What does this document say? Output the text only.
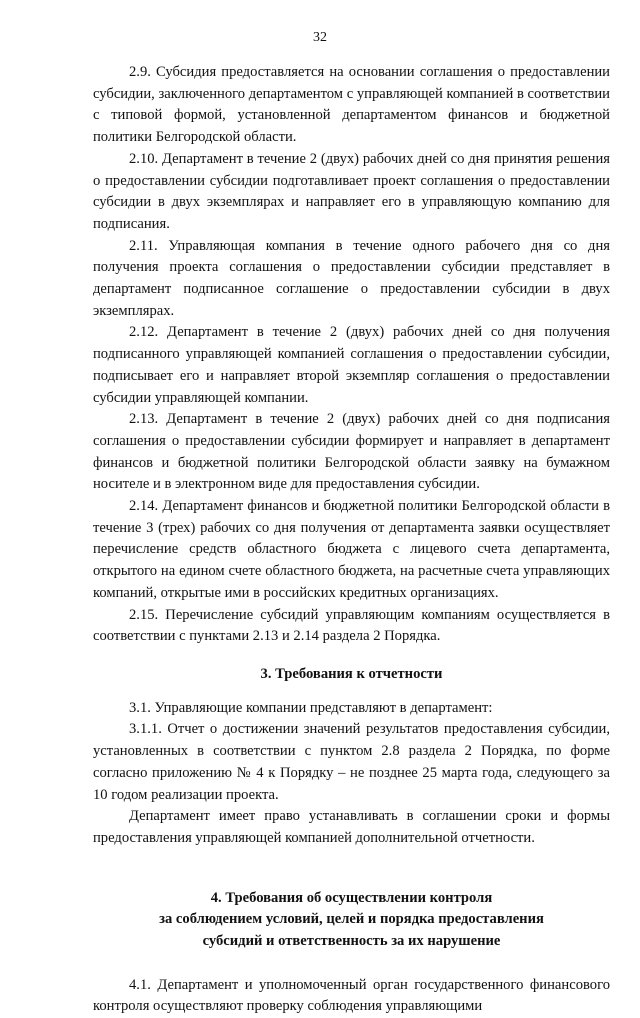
32

2.9. Субсидия предоставляется на основании соглашения о предоставлении субсидии, заключенного департаментом с управляющей компанией в соответствии с типовой формой, установленной департаментом финансов и бюджетной политики Белгородской области.

2.10. Департамент в течение 2 (двух) рабочих дней со дня принятия решения о предоставлении субсидии подготавливает проект соглашения о предоставлении субсидии в двух экземплярах и направляет его в управляющую компанию для подписания.

2.11. Управляющая компания в течение одного рабочего дня со дня получения проекта соглашения о предоставлении субсидии представляет в департамент подписанное соглашение о предоставлении субсидии в двух экземплярах.

2.12. Департамент в течение 2 (двух) рабочих дней со дня получения подписанного управляющей компанией соглашения о предоставлении субсидии, подписывает его и направляет второй экземпляр соглашения о предоставлении субсидии управляющей компании.

2.13. Департамент в течение 2 (двух) рабочих дней со дня подписания соглашения о предоставлении субсидии формирует и направляет в департамент финансов и бюджетной политики Белгородской области заявку на бумажном носителе и в электронном виде для предоставления субсидии.

2.14. Департамент финансов и бюджетной политики Белгородской области в течение 3 (трех) рабочих со дня получения от департамента заявки осуществляет перечисление средств областного бюджета с лицевого счета департамента, открытого на едином счете областного бюджета, на расчетные счета управляющих компаний, открытые ими в российских кредитных организациях.

2.15. Перечисление субсидий управляющим компаниям осуществляется в соответствии с пунктами 2.13 и 2.14 раздела 2 Порядка.

3. Требования к отчетности

3.1. Управляющие компании представляют в департамент:

3.1.1. Отчет о достижении значений результатов предоставления субсидии, установленных в соответствии с пунктом 2.8 раздела 2 Порядка, по форме согласно приложению № 4 к Порядку – не позднее 25 марта года, следующего за 10 годом реализации проекта.

Департамент имеет право устанавливать в соглашении сроки и формы предоставления управляющей компанией дополнительной отчетности.

4. Требования об осуществлении контроля
за соблюдением условий, целей и порядка предоставления
субсидий и ответственность за их нарушение

4.1. Департамент и уполномоченный орган государственного финансового контроля осуществляют проверку соблюдения управляющими
